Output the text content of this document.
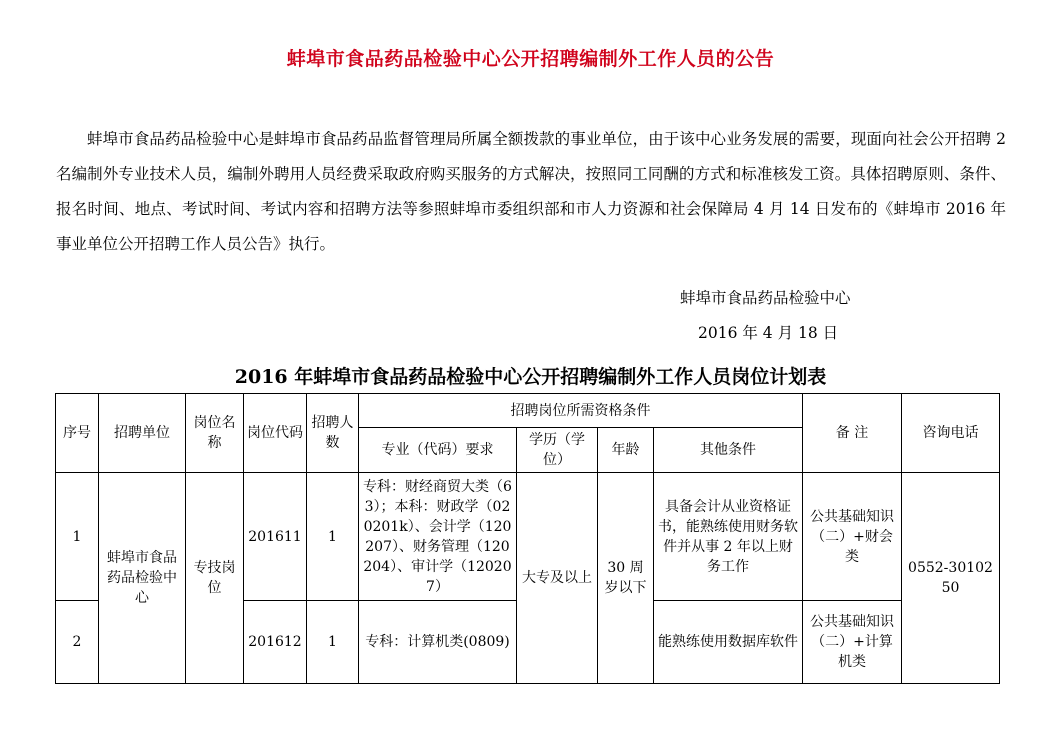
蚌埠市食品药品检验中心公开招聘编制外工作人员的公告

蚌埠市食品药品检验中心是蚌埠市食品药品监督管理局所属全额拨款的事业单位，由于该中心业务发展的需要，现面向社会公开招聘 2 名编制外专业技术人员，编制外聘用人员经费采取政府购买服务的方式解决，按照同工同酬的方式和标准核发工资。具体招聘原则、条件、报名时间、地点、考试时间、考试内容和招聘方法等参照蚌埠市委组织部和市人力资源和社会保障局 4 月 14 日发布的《蚌埠市 2016 年事业单位公开招聘工作人员公告》执行。

蚌埠市食品药品检验中心
2016 年 4 月 18 日
2016 年蚌埠市食品药品检验中心公开招聘编制外工作人员岗位计划表
序号	招聘单位	岗位名称	岗位代码	招聘人数	招聘岗位所需资格条件				备 注	咨询电话
					专业（代码）要求	学历（学位）	年龄	其他条件		
1	蚌埠市食品药品检验中心	专技岗位	201611	1	专科：财经商贸大类（63）；本科：财政学（020201k）、会计学（120207）、财务管理（120204）、审计学（120207）	大专及以上	30 周岁以下	具备会计从业资格证书，能熟练使用财务软件并从事 2 年以上财务工作	公共基础知识（二）+财会类	0552-3010250
2			201612	1	专科：计算机类(0809)			能熟练使用数据库软件	公共基础知识（二）+计算机类	
